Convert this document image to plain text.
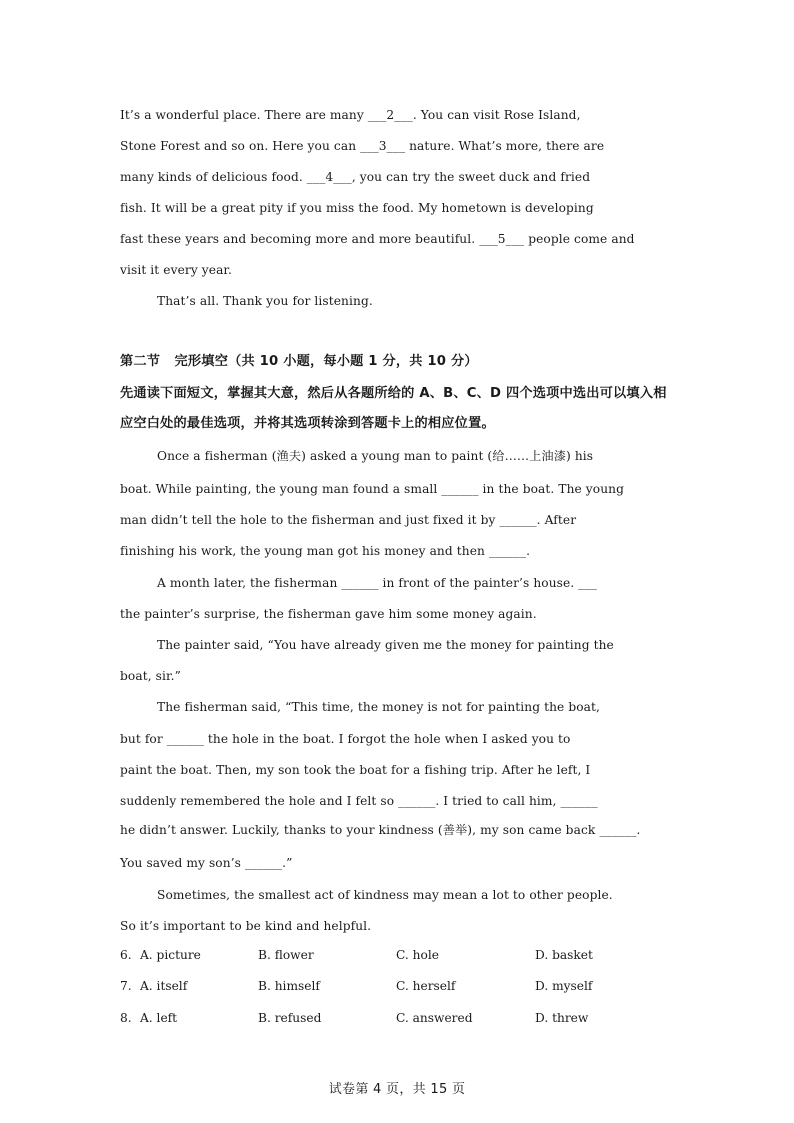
It’s a wonderful place. There are many ___2___. You can visit Rose Island,
Stone Forest and so on. Here you can ___3___ nature. What’s more, there are
many kinds of delicious food. ___4___, you can try the sweet duck and fried
fish. It will be a great pity if you miss the food. My hometown is developing
fast these years and becoming more and more beautiful. ___5___ people come and
visit it every year.
That’s all. Thank you for listening.
第二节   完形填空（共 10 小题，每小题 1 分，共 10 分）
先通读下面短文，掌握其大意，然后从各题所给的 A、B、C、D 四个选项中选出可以填入相
应空白处的最佳选项，并将其选项转涂到答题卡上的相应位置。
Once a fisherman (渔夫) asked a young man to paint (给……上油漆) his
boat. While painting, the young man found a small ______ in the boat. The young
man didn’t tell the hole to the fisherman and just fixed it by ______. After
finishing his work, the young man got his money and then ______.
A month later, the fisherman ______ in front of the painter’s house. ___
the painter’s surprise, the fisherman gave him some money again.
The painter said, “You have already given me the money for painting the
boat, sir.”
The fisherman said, “This time, the money is not for painting the boat,
but for ______ the hole in the boat. I forgot the hole when I asked you to
paint the boat. Then, my son took the boat for a fishing trip. After he left, I
suddenly remembered the hole and I felt so ______. I tried to call him, ______
he didn’t answer. Luckily, thanks to your kindness (善举), my son came back ______.
You saved my son’s ______.”
Sometimes, the smallest act of kindness may mean a lot to other people.
So it’s important to be kind and helpful.
6. A. picture	B. flower	C. hole	D. basket
7. A. itself	B. himself	C. herself	D. myself
8. A. left	B. refused	C. answered	D. threw
试卷第 4 页，共 15 页
